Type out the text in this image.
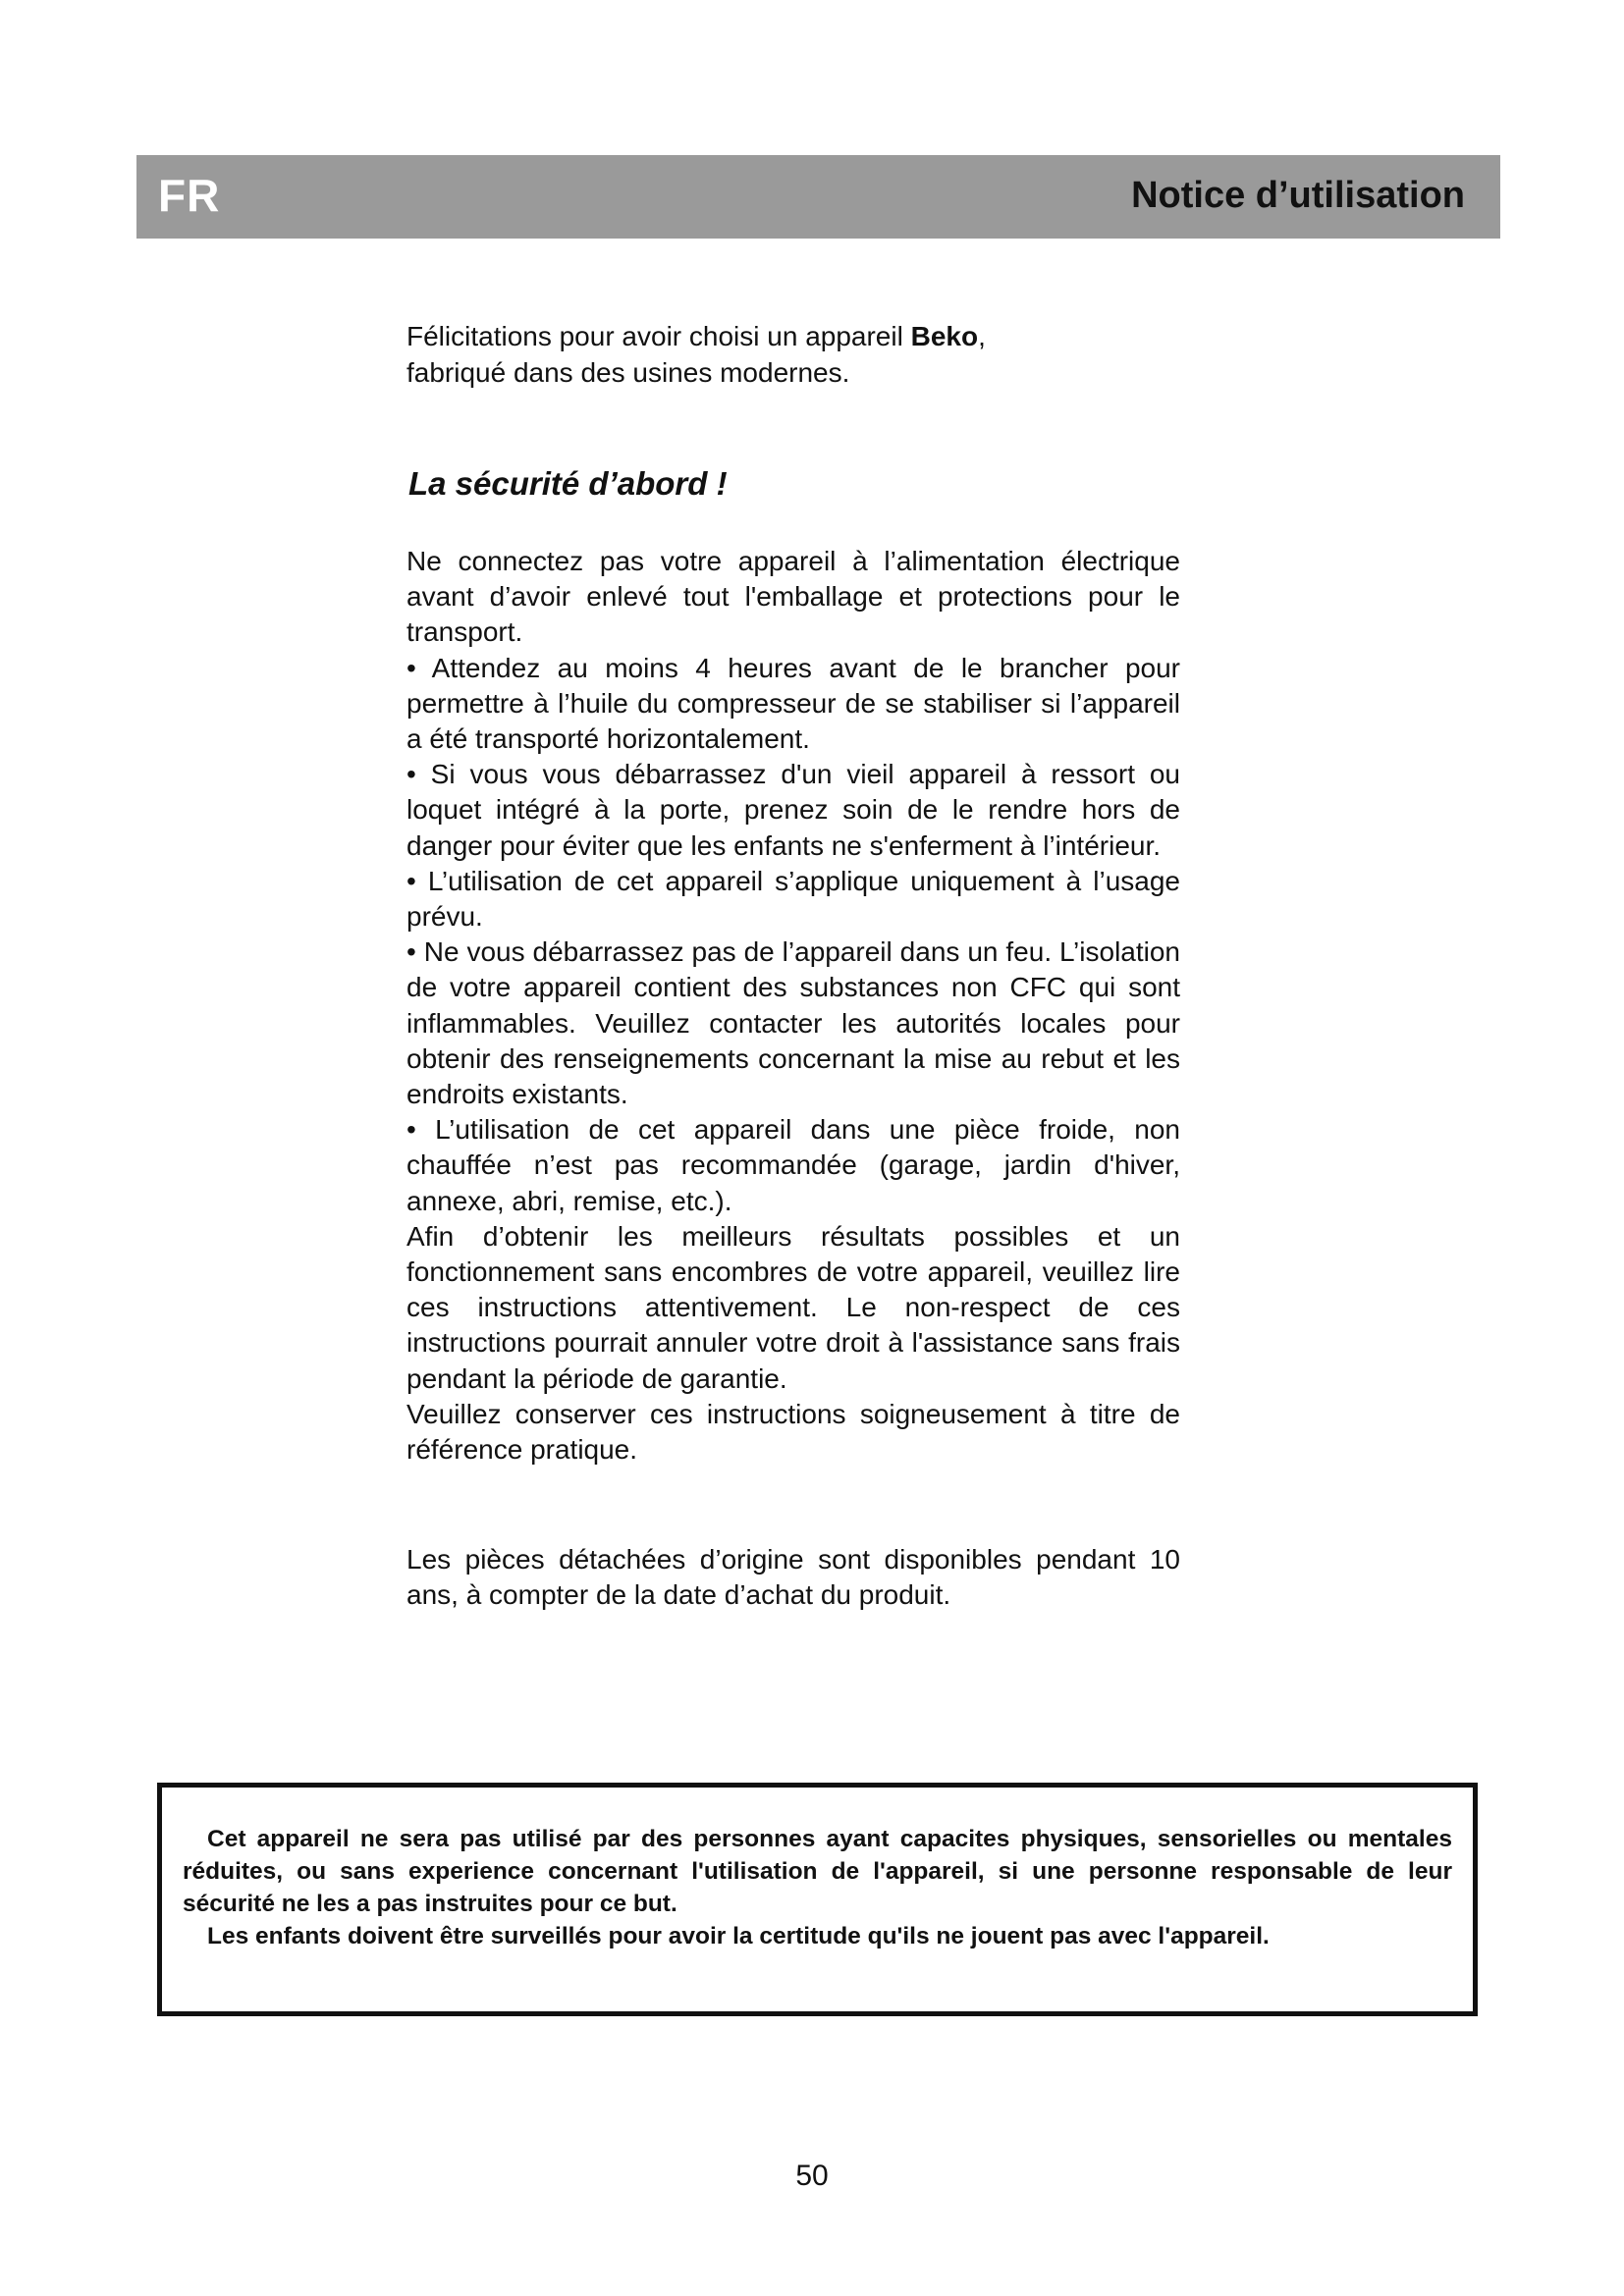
FR	Notice d’utilisation
Félicitations pour avoir choisi un appareil Beko,
fabriqué dans des usines modernes.
La sécurité d’abord !

Ne connectez pas votre appareil à l’alimentation électrique avant d’avoir enlevé tout l'emballage et protections pour le transport.

• Attendez au moins 4 heures avant de le brancher pour permettre à l’huile du compresseur de se stabiliser si l’appareil a été transporté horizontalement.

• Si vous vous débarrassez d'un vieil appareil à ressort ou loquet intégré à la porte, prenez soin de le rendre hors de danger pour éviter que les enfants ne s'enferment à l’intérieur.

• L’utilisation de cet appareil s’applique uniquement à l’usage prévu.

• Ne vous débarrassez pas de l’appareil dans un feu. L’isolation de votre appareil contient des substances non CFC qui sont inflammables. Veuillez contacter les autorités locales pour obtenir des renseignements concernant la mise au rebut et les endroits existants.

• L’utilisation de cet appareil dans une pièce froide, non chauffée n’est pas recommandée (garage, jardin d'hiver, annexe, abri, remise, etc.).

Afin d’obtenir les meilleurs résultats possibles et un fonctionnement sans encombres de votre appareil, veuillez lire ces instructions attentivement. Le non-respect de ces instructions pourrait annuler votre droit à l'assistance sans frais pendant la période de garantie.

Veuillez conserver ces instructions soigneusement à titre de référence pratique.

Les pièces détachées d’origine sont disponibles pendant 10 ans, à compter de la date d’achat du produit.

Cet appareil ne sera pas utilisé par des personnes ayant capacites physiques, sensorielles ou mentales réduites, ou sans experience concernant l'utilisation de l'appareil, si une personne responsable de leur sécurité ne les a pas instruites pour ce but.

Les enfants doivent être surveillés pour avoir la certitude qu'ils ne jouent pas avec l'appareil.

50
